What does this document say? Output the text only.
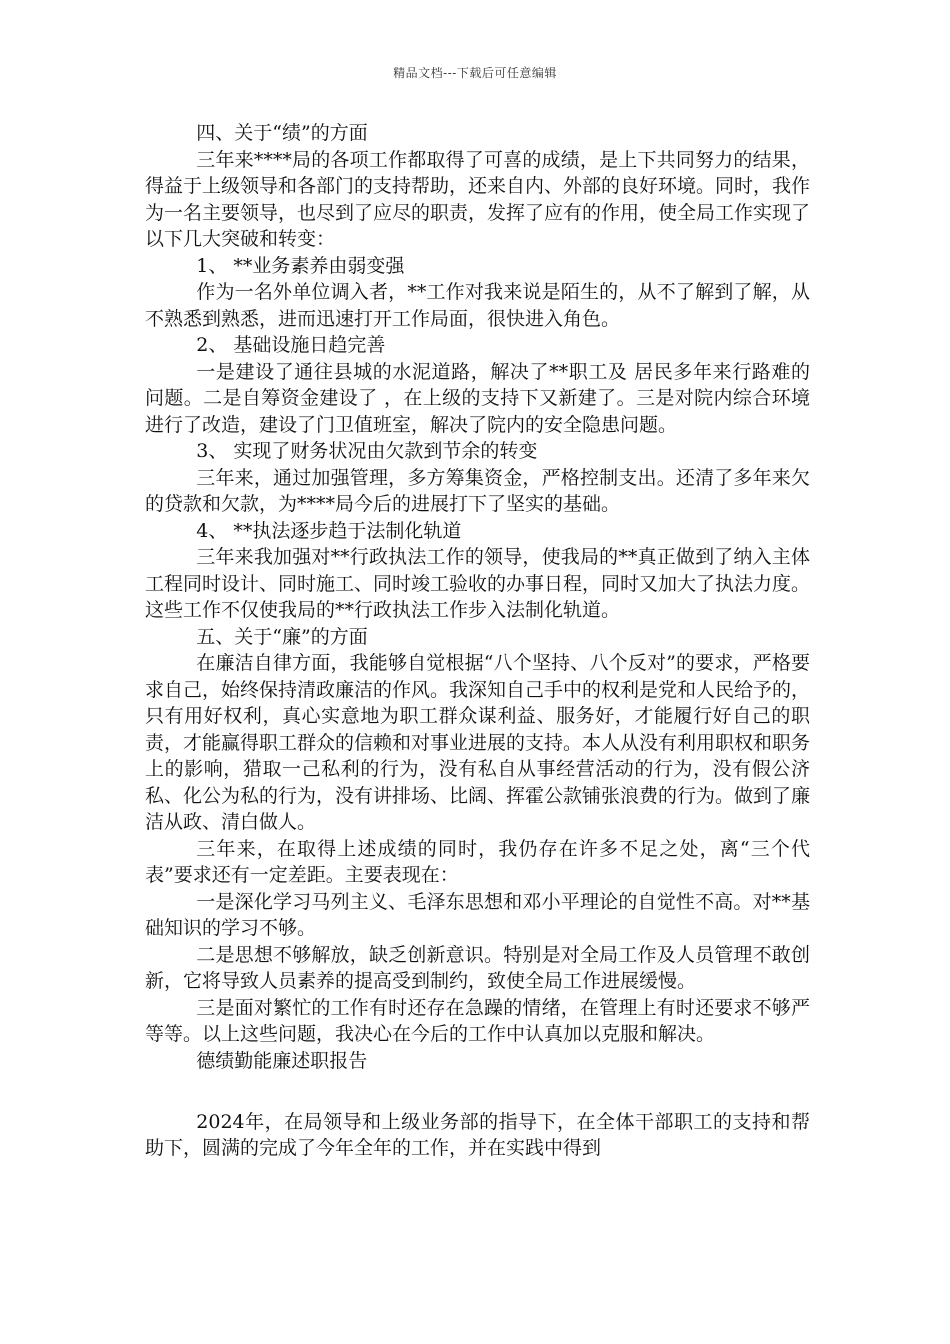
精品文档---下载后可任意编辑

四、关于“绩”的方面

三年来****局的各项工作都取得了可喜的成绩，是上下共同努力的结果，得益于上级领导和各部门的支持帮助，还来自内、外部的良好环境。同时，我作为一名主要领导，也尽到了应尽的职责，发挥了应有的作用，使全局工作实现了以下几大突破和转变：

1、 **业务素养由弱变强

作为一名外单位调入者，**工作对我来说是陌生的，从不了解到了解，从不熟悉到熟悉，进而迅速打开工作局面，很快进入角色。

2、 基础设施日趋完善

一是建设了通往县城的水泥道路，解决了**职工及 居民多年来行路难的问题。二是自筹资金建设了 ，在上级的支持下又新建了。三是对院内综合环境进行了改造，建设了门卫值班室，解决了院内的安全隐患问题。

3、 实现了财务状况由欠款到节余的转变

三年来，通过加强管理，多方筹集资金，严格控制支出。还清了多年来欠的贷款和欠款，为****局今后的进展打下了坚实的基础。

4、 **执法逐步趋于法制化轨道

三年来我加强对**行政执法工作的领导，使我局的**真正做到了纳入主体工程同时设计、同时施工、同时竣工验收的办事日程，同时又加大了执法力度。这些工作不仅使我局的**行政执法工作步入法制化轨道。

五、关于“廉”的方面

在廉洁自律方面，我能够自觉根据“八个坚持、八个反对”的要求，严格要求自己，始终保持清政廉洁的作风。我深知自己手中的权利是党和人民给予的，只有用好权利，真心实意地为职工群众谋利益、服务好，才能履行好自己的职责，才能赢得职工群众的信赖和对事业进展的支持。本人从没有利用职权和职务上的影响，猎取一己私利的行为，没有私自从事经营活动的行为，没有假公济私、化公为私的行为，没有讲排场、比阔、挥霍公款铺张浪费的行为。做到了廉洁从政、清白做人。

三年来，在取得上述成绩的同时，我仍存在许多不足之处，离“三个代表”要求还有一定差距。主要表现在：

一是深化学习马列主义、毛泽东思想和邓小平理论的自觉性不高。对**基础知识的学习不够。

二是思想不够解放，缺乏创新意识。特别是对全局工作及人员管理不敢创新，它将导致人员素养的提高受到制约，致使全局工作进展缓慢。

三是面对繁忙的工作有时还存在急躁的情绪，在管理上有时还要求不够严等等。以上这些问题，我决心在今后的工作中认真加以克服和解决。

德绩勤能廉述职报告

2024年，在局领导和上级业务部的指导下，在全体干部职工的支持和帮助下，圆满的完成了今年全年的工作，并在实践中得到
